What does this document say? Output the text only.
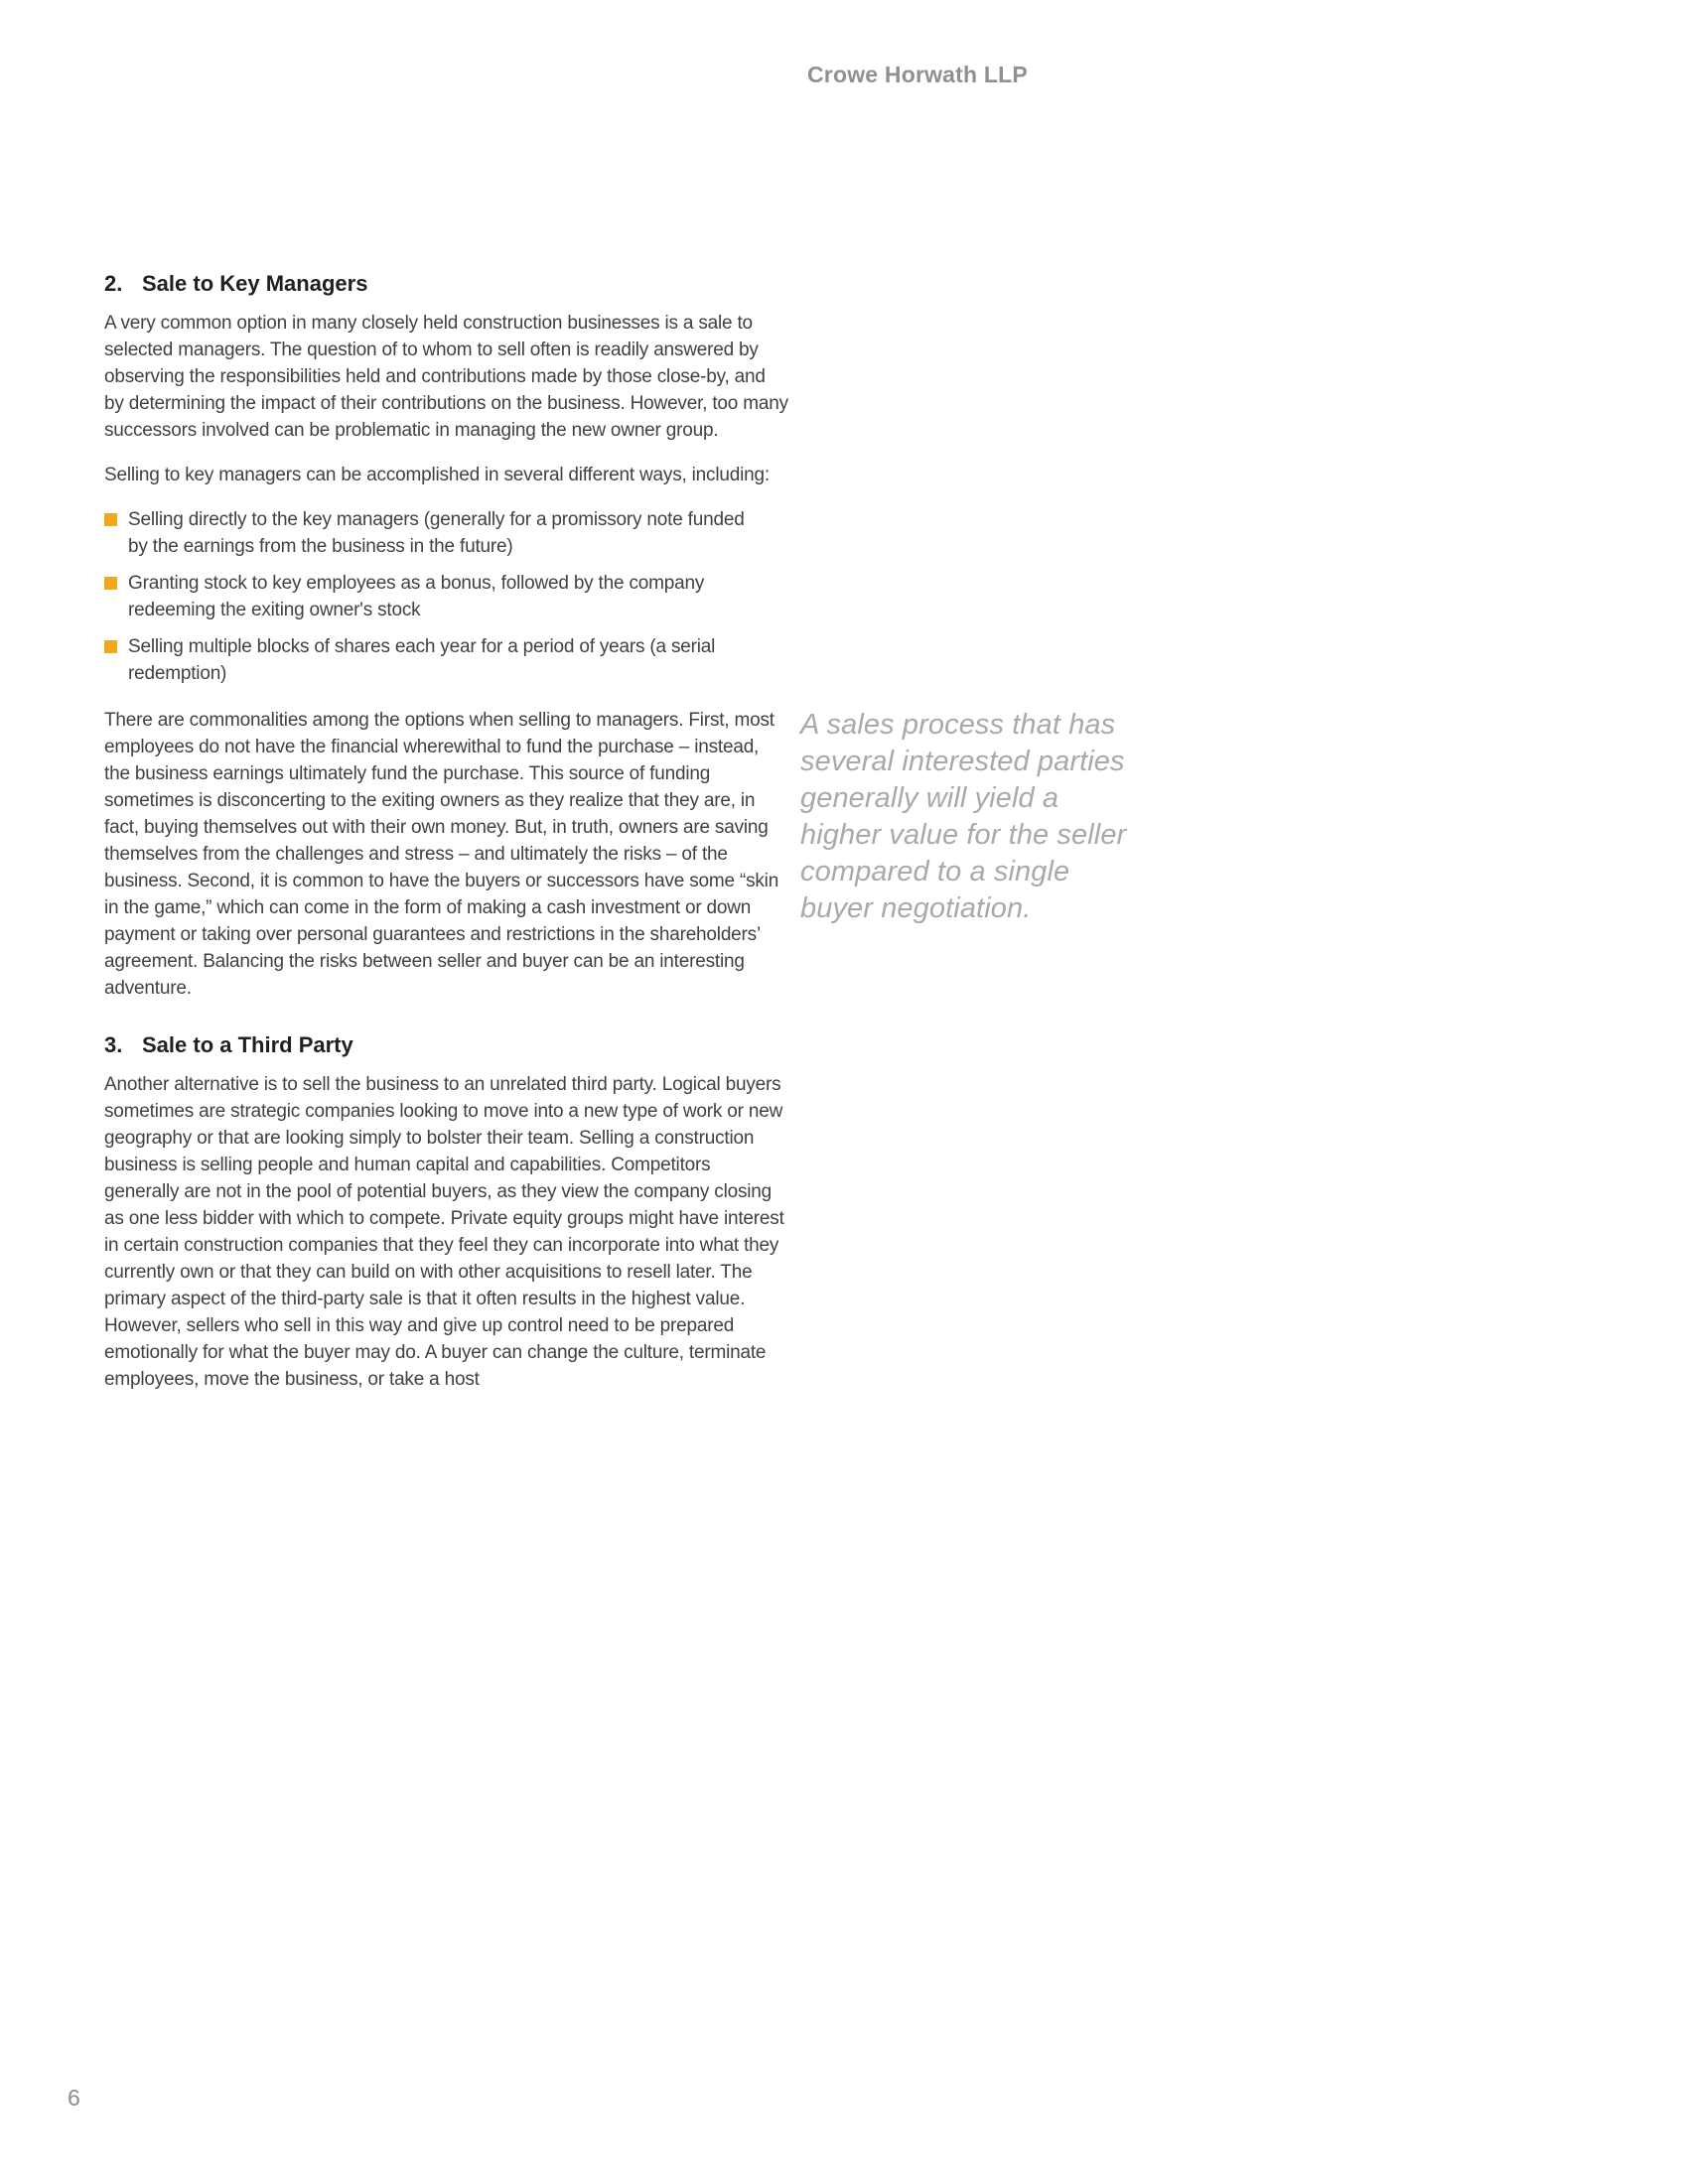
Crowe Horwath LLP
2. Sale to Key Managers

A very common option in many closely held construction businesses is a sale to selected managers. The question of to whom to sell often is readily answered by observing the responsibilities held and contributions made by those close-by, and by determining the impact of their contributions on the business. However, too many successors involved can be problematic in managing the new owner group.

Selling to key managers can be accomplished in several different ways, including:

Selling directly to the key managers (generally for a promissory note funded by the earnings from the business in the future)
Granting stock to key employees as a bonus, followed by the company redeeming the exiting owner's stock
Selling multiple blocks of shares each year for a period of years (a serial redemption)

There are commonalities among the options when selling to managers. First, most employees do not have the financial wherewithal to fund the purchase – instead, the business earnings ultimately fund the purchase. This source of funding sometimes is disconcerting to the exiting owners as they realize that they are, in fact, buying themselves out with their own money. But, in truth, owners are saving themselves from the challenges and stress – and ultimately the risks – of the business. Second, it is common to have the buyers or successors have some “skin in the game,” which can come in the form of making a cash investment or down payment or taking over personal guarantees and restrictions in the shareholders’ agreement. Balancing the risks between seller and buyer can be an interesting adventure.

3. Sale to a Third Party

Another alternative is to sell the business to an unrelated third party. Logical buyers sometimes are strategic companies looking to move into a new type of work or new geography or that are looking simply to bolster their team. Selling a construction business is selling people and human capital and capabilities. Competitors generally are not in the pool of potential buyers, as they view the company closing as one less bidder with which to compete. Private equity groups might have interest in certain construction companies that they feel they can incorporate into what they currently own or that they can build on with other acquisitions to resell later. The primary aspect of the third-party sale is that it often results in the highest value. However, sellers who sell in this way and give up control need to be prepared emotionally for what the buyer may do. A buyer can change the culture, terminate employees, move the business, or take a host

A sales process that has several interested parties generally will yield a higher value for the seller compared to a single buyer negotiation.
6
